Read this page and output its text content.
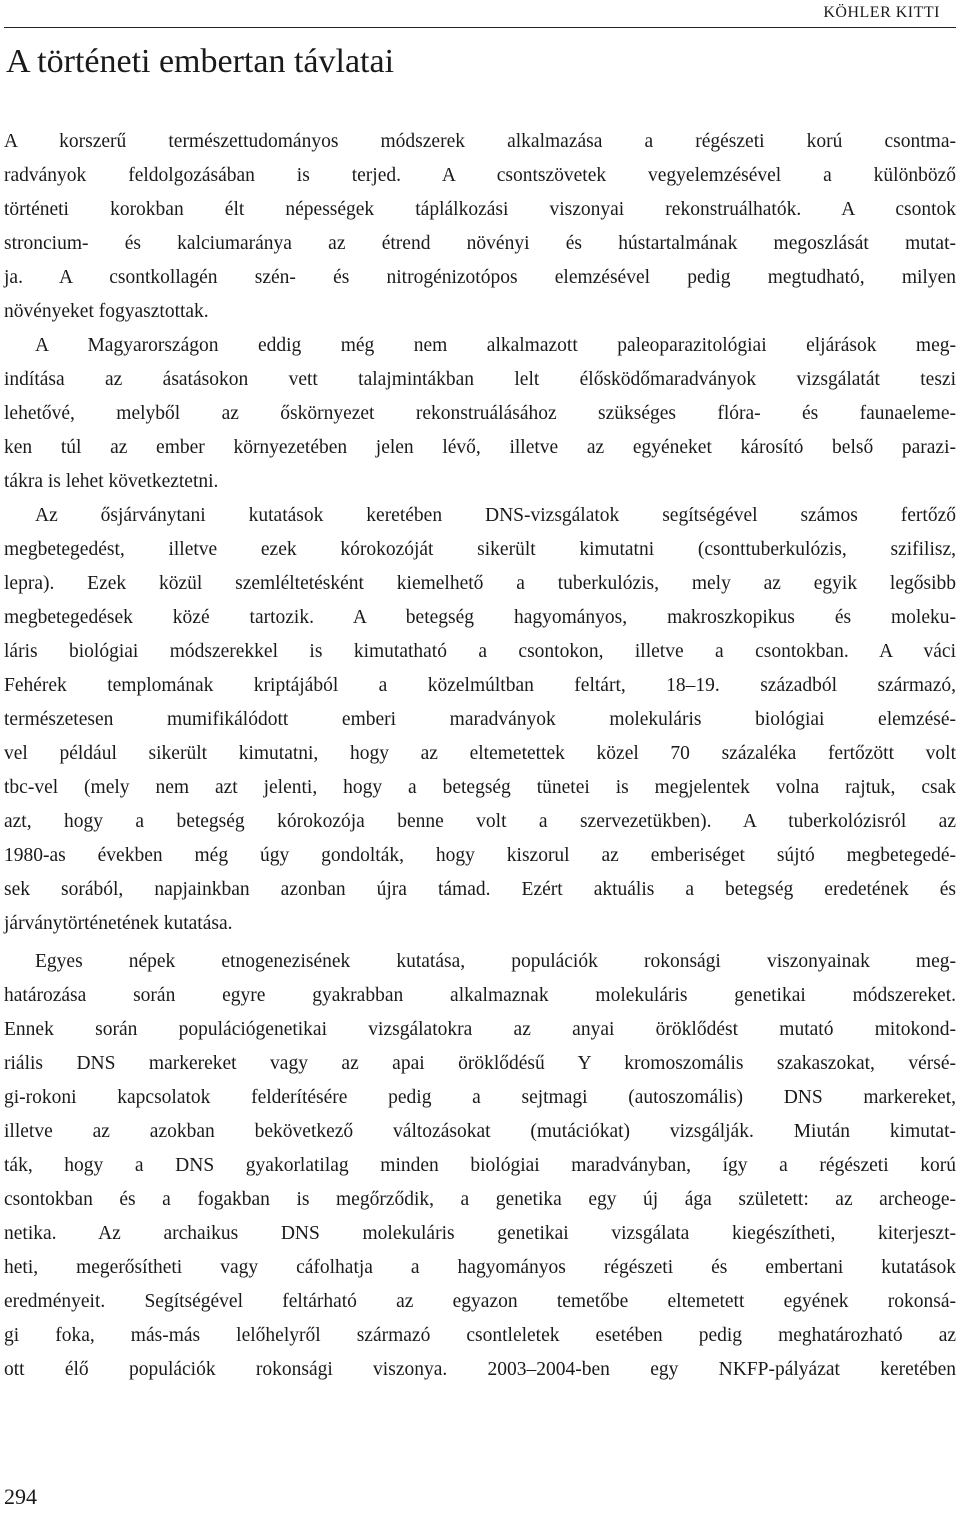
KÖHLER KITTI
A történeti embertan távlatai
A korszerű természettudományos módszerek alkalmazása a régészeti korú csontma-
radványok feldolgozásában is terjed. A csontszövetek vegyelemzésével a különböző
történeti korokban élt népességek táplálkozási viszonyai rekonstruálhatók. A csontok
stroncium- és kalciumaránya az étrend növényi és hústartalmának megoszlását mutat-
ja. A csontkollagén szén- és nitrogénizotópos elemzésével pedig megtudható, milyen
növényeket fogyasztottak.
A Magyarországon eddig még nem alkalmazott paleoparazitológiai eljárások meg-
indítása az ásatásokon vett talajmintákban lelt élősködőmaradványok vizsgálatát teszi
lehetővé, melyből az őskörnyezet rekonstruálásához szükséges flóra- és faunaeleme-
ken túl az ember környezetében jelen lévő, illetve az egyéneket károsító belső parazi-
tákra is lehet következtetni.
Az ősjárványtani kutatások keretében DNS-vizsgálatok segítségével számos fertőző
megbetegedést, illetve ezek kórokozóját sikerült kimutatni (csonttuberkulózis, szifilisz,
lepra). Ezek közül szemléltetésként kiemelhető a tuberkulózis, mely az egyik legősibb
megbetegedések közé tartozik. A betegség hagyományos, makroszkopikus és moleku-
láris biológiai módszerekkel is kimutatható a csontokon, illetve a csontokban. A váci
Fehérek templomának kriptájából a közelmúltban feltárt, 18–19. századból származó,
természetesen mumifikálódott emberi maradványok molekuláris biológiai elemzésé-
vel például sikerült kimutatni, hogy az eltemetettek közel 70 százaléka fertőzött volt
tbc-vel (mely nem azt jelenti, hogy a betegség tünetei is megjelentek volna rajtuk, csak
azt, hogy a betegség kórokozója benne volt a szervezetükben). A tuberkolózisról az
1980-as években még úgy gondolták, hogy kiszorul az emberiséget sújtó megbetegedé-
sek sorából, napjainkban azonban újra támad. Ezért aktuális a betegség eredetének és
járványtörténetének kutatása.
Egyes népek etnogenezisének kutatása, populációk rokonsági viszonyainak meg-
határozása során egyre gyakrabban alkalmaznak molekuláris genetikai módszereket.
Ennek során populációgenetikai vizsgálatokra az anyai öröklődést mutató mitokond-
riális DNS markereket vagy az apai öröklődésű Y kromoszomális szakaszokat, vérsé-
gi-rokoni kapcsolatok felderítésére pedig a sejtmagi (autoszomális) DNS markereket,
illetve az azokban bekövetkező változásokat (mutációkat) vizsgálják. Miután kimutat-
ták, hogy a DNS gyakorlatilag minden biológiai maradványban, így a régészeti korú
csontokban és a fogakban is megőrződik, a genetika egy új ága született: az archeoge-
netika. Az archaikus DNS molekuláris genetikai vizsgálata kiegészítheti, kiterjeszt-
heti, megerősítheti vagy cáfolhatja a hagyományos régészeti és embertani kutatások
eredményeit. Segítségével feltárható az egyazon temetőbe eltemetett egyének rokonsá-
gi foka, más-más lelőhelyről származó csontleletek esetében pedig meghatározható az
ott élő populációk rokonsági viszonya. 2003–2004-ben egy NKFP-pályázat keretében
294
